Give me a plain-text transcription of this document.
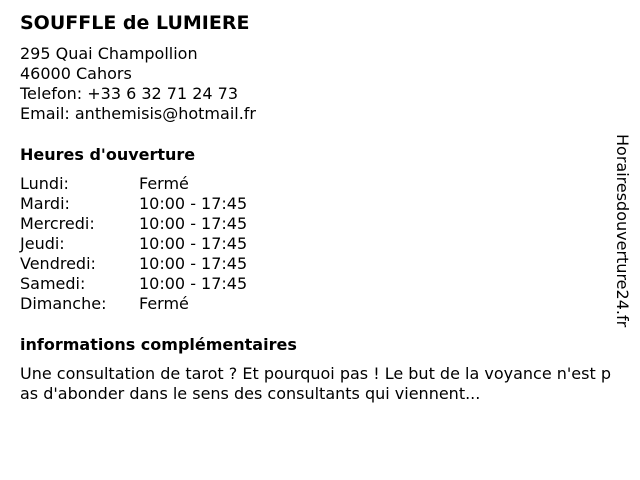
SOUFFLE de LUMIERE
295 Quai Champollion
46000 Cahors
Telefon: +33 6 32 71 24 73
Email: anthemisis@hotmail.fr
Heures d'ouverture
Lundi:	Fermé
Mardi:	10:00 - 17:45
Mercredi:	10:00 - 17:45
Jeudi:	10:00 - 17:45
Vendredi:	10:00 - 17:45
Samedi:	10:00 - 17:45
Dimanche: Fermé
informations complémentaires
Une consultation de tarot ? Et pourquoi pas ! Le but de la voyance n'est pas d'abonder dans le sens des consultants qui viennent...
Horairesdouverture24.fr
